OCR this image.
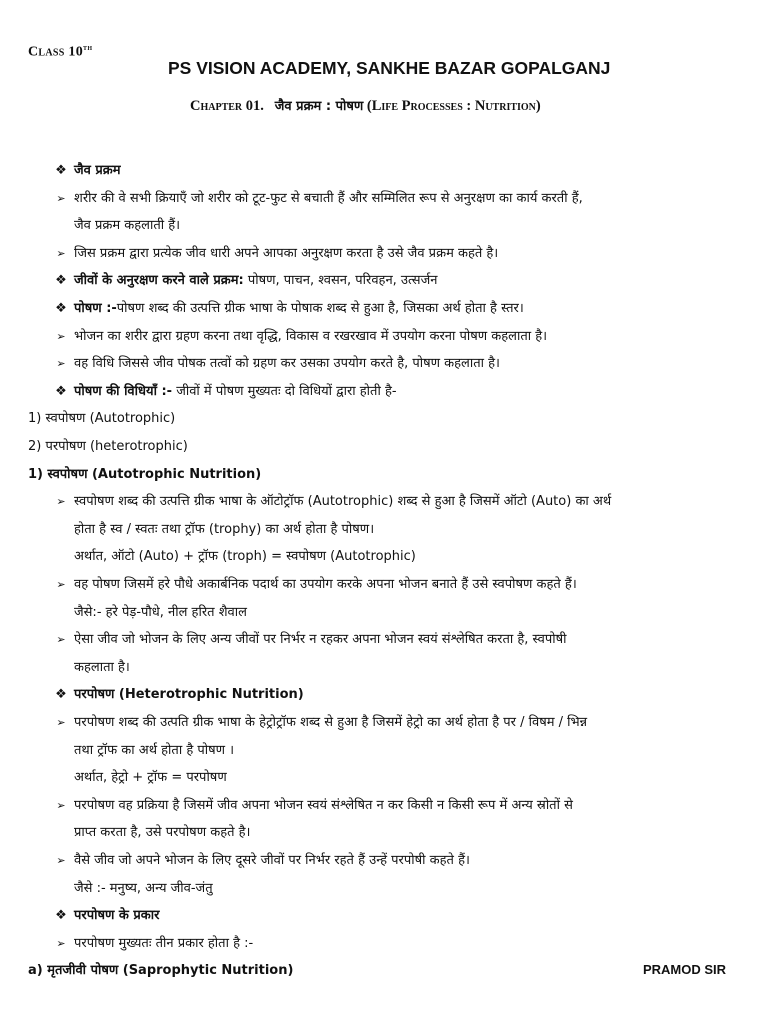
Class 10th
PS VISION ACADEMY, SANKHE BAZAR GOPALGANJ
Chapter 01. जैव प्रक्रम : पोषण (Life Processes : Nutrition)
❖ जैव प्रक्रम
➢ शरीर की वे सभी क्रियाएँ जो शरीर को टूट-फुट से बचाती हैं और सम्मिलित रूप से अनुरक्षण का कार्य करती हैं,
जैव प्रक्रम कहलाती हैं।
➢ जिस प्रक्रम द्वारा प्रत्येक जीव धारी अपने आपका अनुरक्षण करता है उसे जैव प्रक्रम कहते है।
❖ जीवों के अनुरक्षण करने वाले प्रक्रम: पोषण, पाचन, श्वसन, परिवहन, उत्सर्जन
❖ पोषण :-पोषण शब्द की उत्पत्ति ग्रीक भाषा के पोषाक शब्द से हुआ है, जिसका अर्थ होता है स्तर।
➢ भोजन का शरीर द्वारा ग्रहण करना तथा वृद्धि, विकास व रखरखाव में उपयोग करना पोषण कहलाता है।
➢ वह विधि जिससे जीव पोषक तत्वों को ग्रहण कर उसका उपयोग करते है, पोषण कहलाता है।
❖ पोषण की विधियाँ :- जीवों में पोषण मुख्यतः दो विधियों द्वारा होती है-
1) स्वपोषण (Autotrophic)
2) परपोषण (heterotrophic)
1) स्वपोषण (Autotrophic Nutrition)
➢ स्वपोषण शब्द की उत्पत्ति ग्रीक भाषा के ऑटोट्रॉफ (Autotrophic) शब्द से हुआ है जिसमें ऑटो (Auto) का अर्थ
होता है स्व / स्वतः तथा ट्रॉफ (trophy) का अर्थ होता है पोषण।
अर्थात, ऑटो (Auto) + ट्रॉफ (troph) = स्वपोषण (Autotrophic)
➢ वह पोषण जिसमें हरे पौधे अकार्बनिक पदार्थ का उपयोग करके अपना भोजन बनाते हैं उसे स्वपोषण कहते हैं।
जैसे:- हरे पेड़-पौधे, नील हरित शैवाल
➢ ऐसा जीव जो भोजन के लिए अन्य जीवों पर निर्भर न रहकर अपना भोजन स्वयं संश्लेषित करता है, स्वपोषी
कहलाता है।
❖ परपोषण (Heterotrophic Nutrition)
➢ परपोषण शब्द की उत्पति ग्रीक भाषा के हेट्रोट्रॉफ शब्द से हुआ है जिसमें हेट्रो का अर्थ होता है पर / विषम / भिन्न
तथा ट्रॉफ का अर्थ होता है पोषण ।
अर्थात, हेट्रो + ट्रॉफ = परपोषण
➢ परपोषण वह प्रक्रिया है जिसमें जीव अपना भोजन स्वयं संश्लेषित न कर किसी न किसी रूप में अन्य स्रोतों से
प्राप्त करता है, उसे परपोषण कहते है।
➢ वैसे जीव जो अपने भोजन के लिए दूसरे जीवों पर निर्भर रहते हैं उन्हें परपोषी कहते हैं।
जैसे :- मनुष्य, अन्य जीव-जंतु
❖ परपोषण के प्रकार
➢ परपोषण मुख्यतः तीन प्रकार होता है :-
a) मृतजीवी पोषण (Saprophytic Nutrition)	PRAMOD SIR
